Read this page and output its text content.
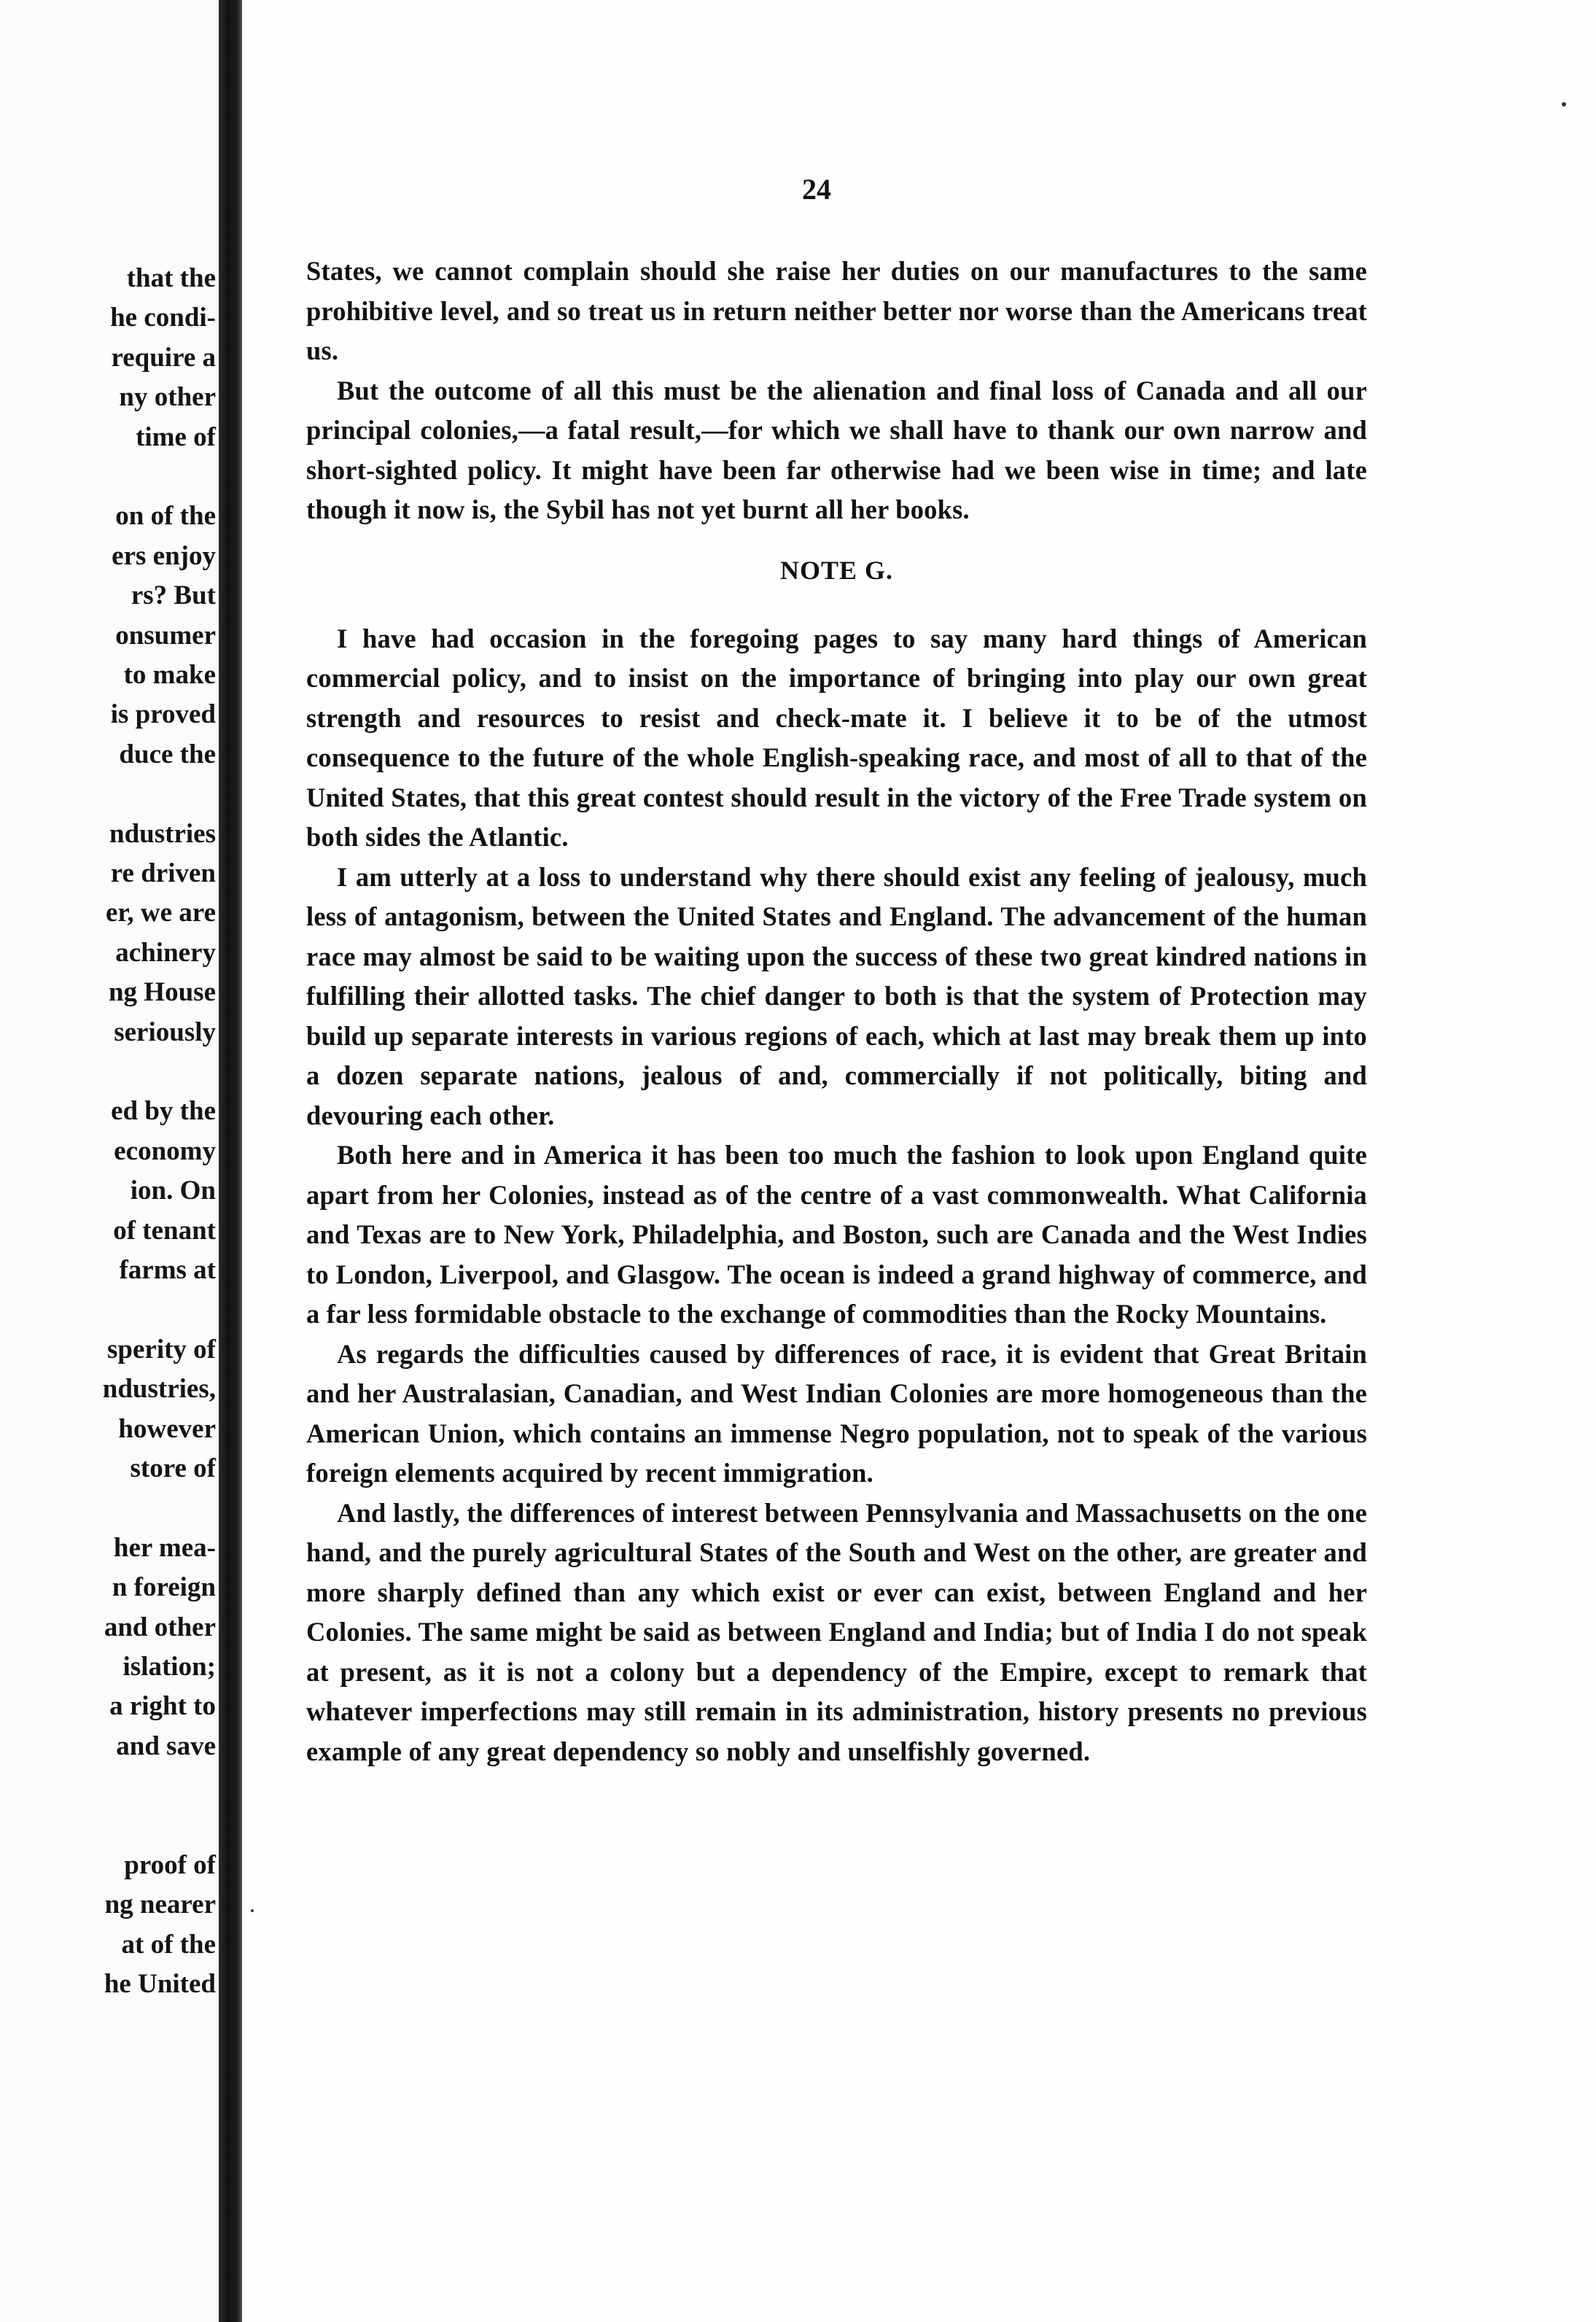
that the
he condi-
require a
ny other
time of
on of the
ers enjoy
rs? But
onsumer
to make
is proved
duce the
ndustries
re driven
er, we are
achinery
ng House
seriously
ed by the
economy
ion. On
of tenant
farms at
sperity of
ndustries,
however
store of
her mea-
n foreign
and other
islation;
a right to
and save
proof of
ng nearer
at of the
he United
24

States, we cannot complain should she raise her duties on our manufactures to the same prohibitive level, and so treat us in return neither better nor worse than the Americans treat us.

But the outcome of all this must be the alienation and final loss of Canada and all our principal colonies,—a fatal result,—for which we shall have to thank our own narrow and short-sighted policy. It might have been far otherwise had we been wise in time; and late though it now is, the Sybil has not yet burnt all her books.

NOTE G.

I have had occasion in the foregoing pages to say many hard things of American commercial policy, and to insist on the importance of bringing into play our own great strength and resources to resist and check-mate it. I believe it to be of the utmost consequence to the future of the whole English-speaking race, and most of all to that of the United States, that this great contest should result in the victory of the Free Trade system on both sides the Atlantic.

I am utterly at a loss to understand why there should exist any feeling of jealousy, much less of antagonism, between the United States and England. The advancement of the human race may almost be said to be waiting upon the success of these two great kindred nations in fulfilling their allotted tasks. The chief danger to both is that the system of Protection may build up separate interests in various regions of each, which at last may break them up into a dozen separate nations, jealous of and, commercially if not politically, biting and devouring each other.

Both here and in America it has been too much the fashion to look upon England quite apart from her Colonies, instead as of the centre of a vast commonwealth. What California and Texas are to New York, Philadelphia, and Boston, such are Canada and the West Indies to London, Liverpool, and Glasgow. The ocean is indeed a grand highway of commerce, and a far less formidable obstacle to the exchange of commodities than the Rocky Mountains.

As regards the difficulties caused by differences of race, it is evident that Great Britain and her Australasian, Canadian, and West Indian Colonies are more homogeneous than the American Union, which contains an immense Negro population, not to speak of the various foreign elements acquired by recent immigration.

And lastly, the differences of interest between Pennsylvania and Massachusetts on the one hand, and the purely agricultural States of the South and West on the other, are greater and more sharply defined than any which exist or ever can exist, between England and her Colonies. The same might be said as between England and India; but of India I do not speak at present, as it is not a colony but a dependency of the Empire, except to remark that whatever imperfections may still remain in its administration, history presents no previous example of any great dependency so nobly and unselfishly governed.
